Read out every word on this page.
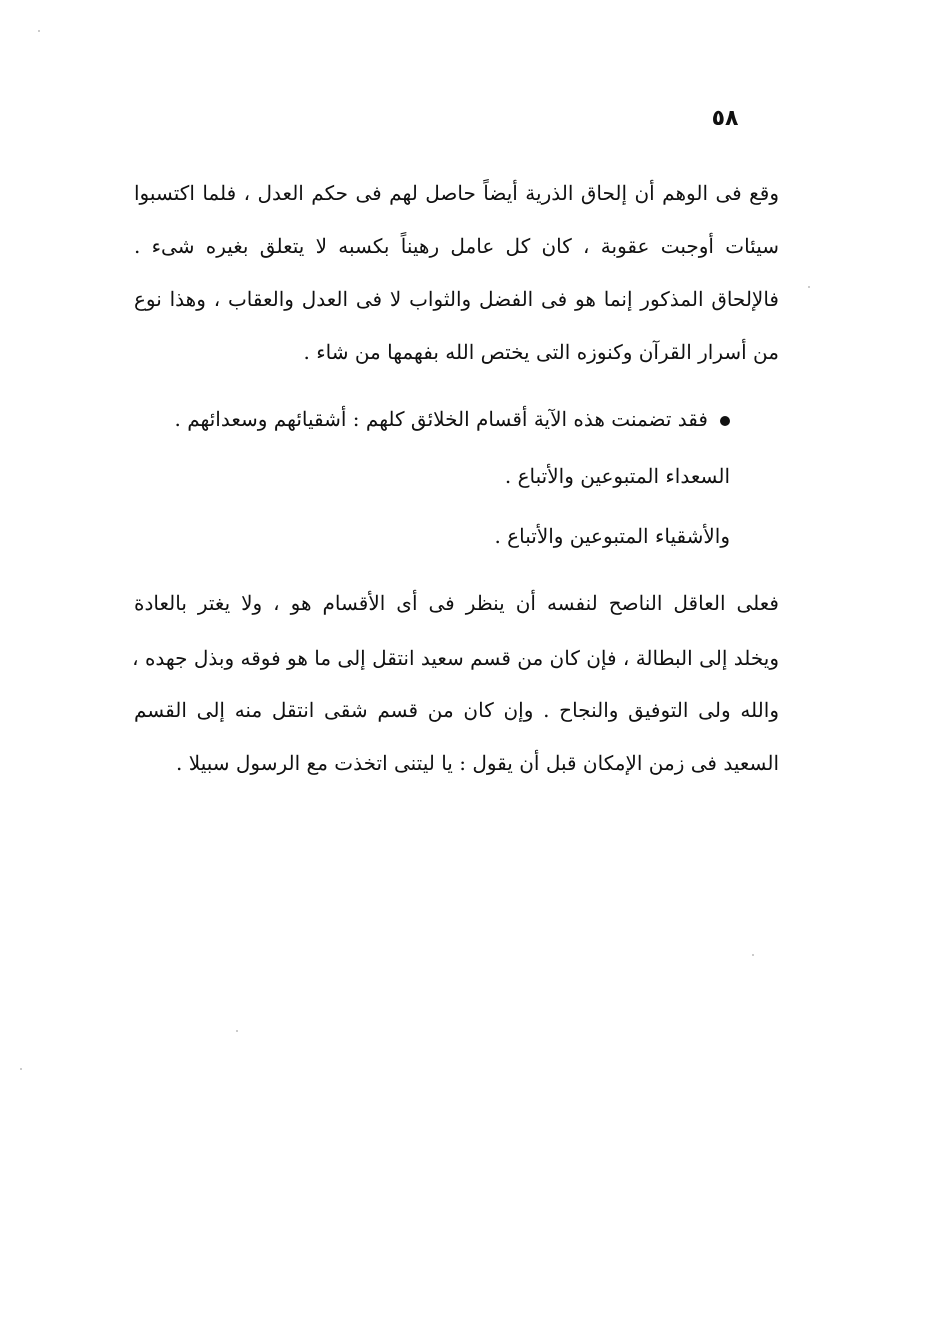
٥٨
وقع فى الوهم أن إلحاق الذرية أيضاً حاصل لهم فى حكم العدل ، فلما اكتسبوا
سيئات أوجبت عقوبة ، كان كل عامل رهيناً بكسبه لا يتعلق بغيره شىء .
فالإلحاق المذكور إنما هو فى الفضل والثواب لا فى العدل والعقاب ، وهذا نوع
من أسرار القرآن وكنوزه التى يختص الله بفهمها من شاء .
فقد تضمنت هذه الآية أقسام الخلائق كلهم : أشقيائهم وسعدائهم .
السعداء المتبوعين والأتباع .
والأشقياء المتبوعين والأتباع .
فعلى العاقل الناصح لنفسه أن ينظر فى أى الأقسام هو ، ولا يغتر بالعادة
ويخلد إلى البطالة ، فإن كان من قسم سعيد انتقل إلى ما هو فوقه وبذل جهده ،
والله ولى التوفيق والنجاح . وإن كان من قسم شقى انتقل منه إلى القسم
السعيد فى زمن الإمكان قبل أن يقول : يا ليتنى اتخذت مع الرسول سبيلا .
